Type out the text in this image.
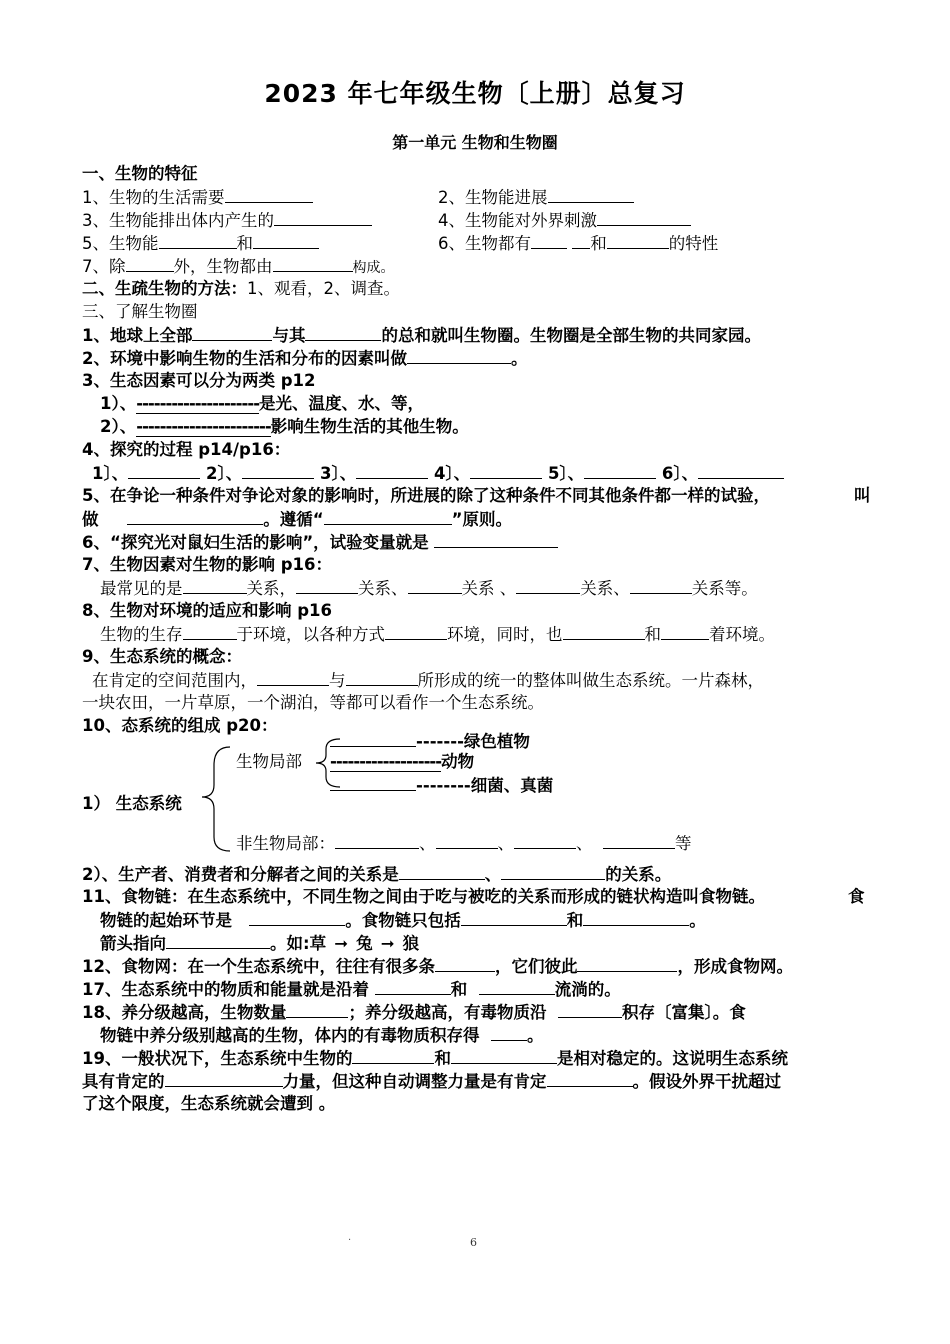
2023 年七年级生物〔上册〕总复习
第一单元 生物和生物圈
一、生物的特征
1、生物的生活需要	2、生物能进展
3、生物能排出体内产生的	4、生物能对外界刺激
5、生物能	和	6、生物都有	和	的特性
7、除	外，生物都由	构成。
二、生疏生物的方法：1、观看，2、调查。
三、了解生物圈
1、地球上全部	与其	的总和就叫生物圈。生物圈是全部生物的共同家园。
2、环境中影响生物的生活和分布的因素叫做	。
3、生态因素可以分为两类 p12
1）、---------------------是光、温度、水、等，
2）、-----------------------影响生物生活的其他生物。
4、探究的过程 p14/p16：
1〕、	2〕、	3〕、	4〕、	5〕、	6〕、
5、在争论一种条件对争论对象的影响时，所进展的除了这种条件不同其他条件都一样的试验，	叫
做	。遵循“	”原则。
6、“探究光对鼠妇生活的影响”，试验变量就是
7、生物因素对生物的影响 p16：
最常见的是	关系，	关系、	关系 、	关系、	关系等。
8、生物对环境的适应和影响 p16
生物的生存	于环境，以各种方式	环境，同时，也	和	着环境。
9、生态系统的概念：
在肯定的空间范围内，	与	所形成的统一的整体叫做生态系统。一片森林，
一块农田，一片草原，一个湖泊，等都可以看作一个生态系统。
10、态系统的组成 p20：
生物局部
-------绿色植物
-------------------动物
--------细菌、真菌
1） 生态系统
非生物局部：	、	、	、	等
2）、生产者、消费者和分解者之间的关系是	、	的关系。
11、食物链：在生态系统中，不同生物之间由于吃与被吃的关系而形成的链状构造叫食物链。	食
物链的起始环节是	。食物链只包括	和	。
箭头指向	。如:草 ➞ 兔 ➞ 狼
12、食物网：在一个生态系统中，往往有很多条	，它们彼此	，形成食物网。
17、生态系统中的物质和能量就是沿着	和	流淌的。
18、养分级越高，生物数量	；养分级越高，有毒物质沿	积存〔富集〕。食
物链中养分级别越高的生物，体内的有毒物质积存得	。
19、一般状况下，生态系统中生物的	和	是相对稳定的。这说明生态系统
具有肯定的	力量，但这种自动调整力量是有肯定	。假设外界干扰超过
了这个限度，生态系统就会遭到 。
.	6
